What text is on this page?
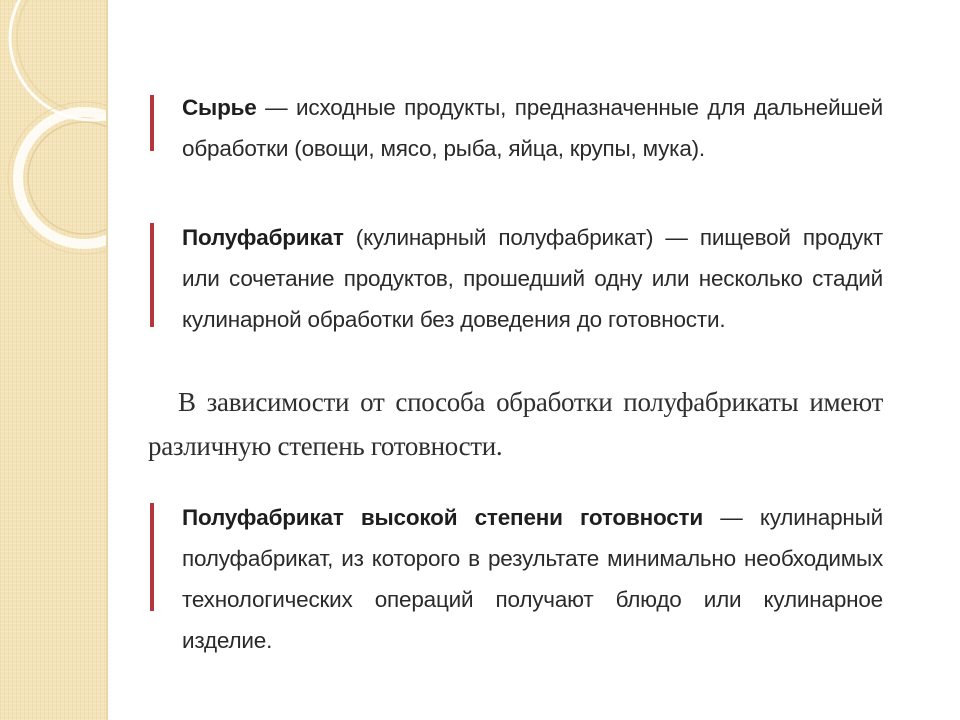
Сырье — исходные продукты, предназначенные для дальнейшей обработки (овощи, мясо, рыба, яйца, крупы, мука).
Полуфабрикат (кулинарный полуфабрикат) — пищевой продукт или сочетание продуктов, прошедший одну или несколько стадий кулинарной обработки без доведения до готовности.
В зависимости от способа обработки полуфабрикаты имеют различную степень готовности.
Полуфабрикат высокой степени готовности — кулинарный полуфабрикат, из которого в результате минимально необходимых технологических операций получают блюдо или кулинарное изделие.
